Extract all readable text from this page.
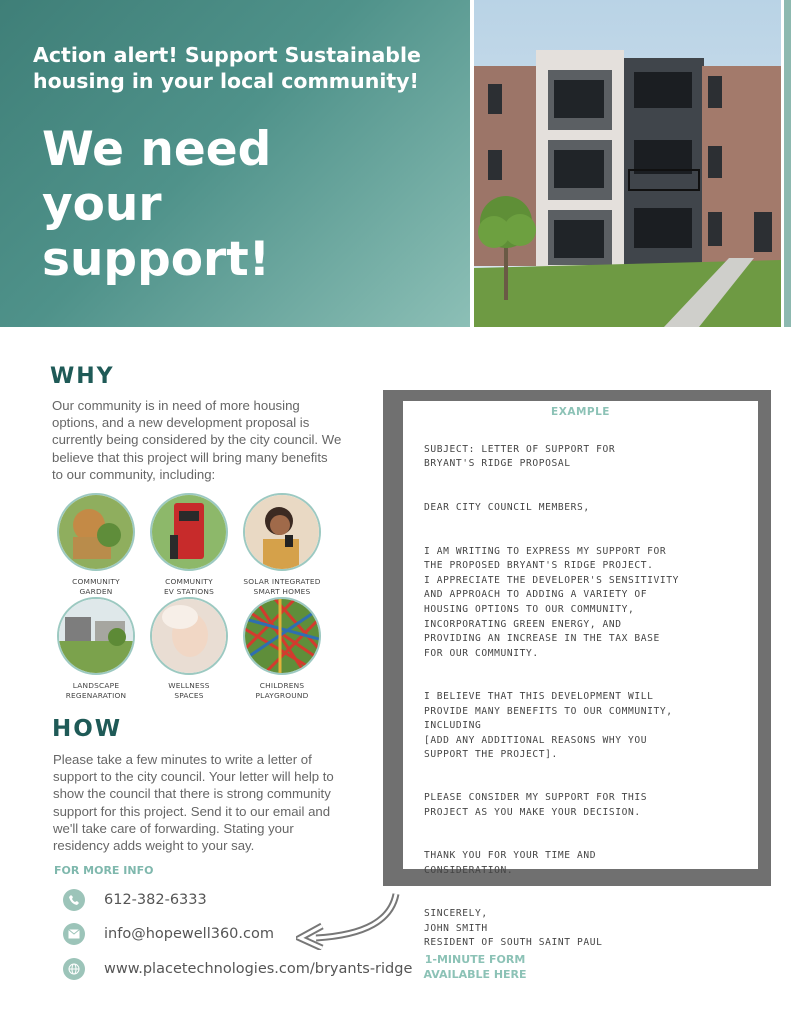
Action alert! Support Sustainable housing in your local community!
We need
your
support!
WHY
Our community is in need of more housing options, and a new development proposal is currently being considered by the city council. We believe that this project will bring many benefits to our community, including:
COMMUNITY
GARDEN
COMMUNITY
EV STATIONS
SOLAR INTEGRATED
SMART HOMES
LANDSCAPE
REGENARATION
WELLNESS
SPACES
CHILDRENS
PLAYGROUND
HOW
Please take a few minutes to write a letter of support to the city council. Your letter will help to show the council that there is strong community support for this project. Send it to our email and we'll take care of forwarding. Stating your residency adds weight to your say.
FOR MORE INFO
612-382-6333
info@hopewell360.com
www.placetechnologies.com/bryants-ridge
1-MINUTE FORM
AVAILABLE HERE
EXAMPLE

SUBJECT: LETTER OF SUPPORT FOR
BRYANT'S RIDGE PROPOSAL

DEAR CITY COUNCIL MEMBERS,

I AM WRITING TO EXPRESS MY SUPPORT FOR
THE PROPOSED BRYANT'S RIDGE PROJECT.
I APPRECIATE THE DEVELOPER'S SENSITIVITY
AND APPROACH TO ADDING A VARIETY OF
HOUSING OPTIONS TO OUR COMMUNITY,
INCORPORATING GREEN ENERGY, AND
PROVIDING AN INCREASE IN THE TAX BASE
FOR OUR COMMUNITY.

I BELIEVE THAT THIS DEVELOPMENT WILL
PROVIDE MANY BENEFITS TO OUR COMMUNITY,
INCLUDING
[ADD ANY ADDITIONAL REASONS WHY YOU
SUPPORT THE PROJECT].

PLEASE CONSIDER MY SUPPORT FOR THIS
PROJECT AS YOU MAKE YOUR DECISION.

THANK YOU FOR YOUR TIME AND
CONSIDERATION.

SINCERELY,
JOHN SMITH
RESIDENT OF SOUTH SAINT PAUL
